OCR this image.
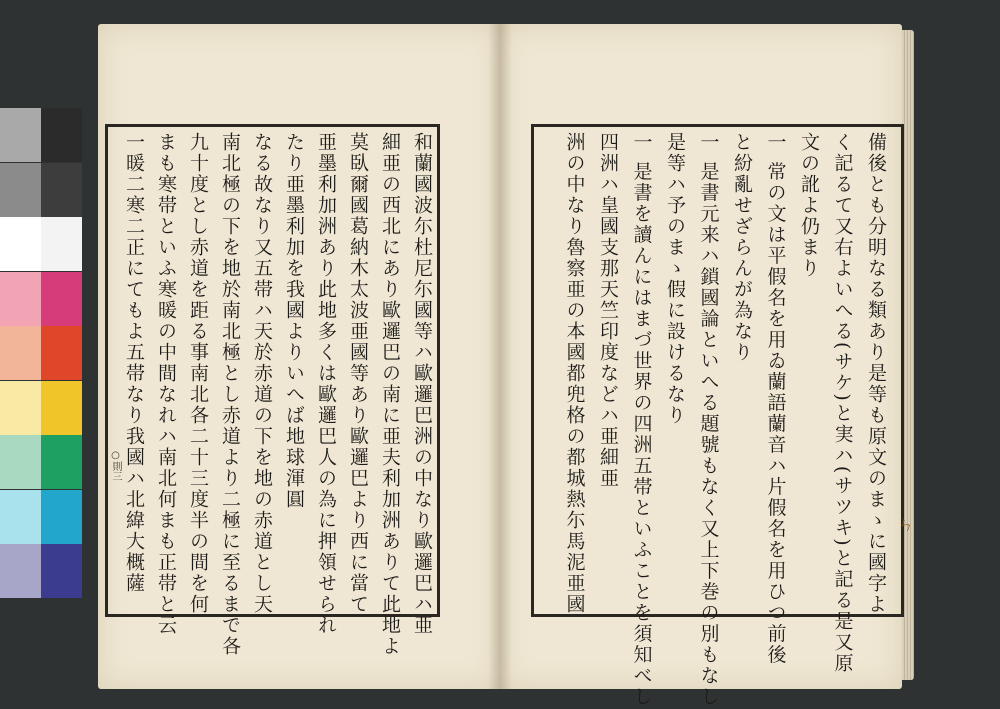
和蘭國波尓杜尼尓國等ハ歐邏巴洲の中なり歐邏巴ハ亜
細亜の西北にあり歐邏巴の南に亜夫利加洲ありて此地よ
莫臥爾國葛納木太波亜國等あり歐邏巴より西に當て
亜墨利加洲あり此地多くは歐邏巴人の為に押領せられ
たり亜墨利加を我國よりいへば地球渾圓
なる故なり又五帯ハ天於赤道の下を地の赤道とし天
南北極の下を地於南北極とし赤道より二極に至るまで各
九十度とし赤道を距る事南北各二十三度半の間を何
まも寒帯といふ寒暖の中間なれハ南北何まも正帯と云
一暖二寒二正にてもよ五帯なり我國ハ北緯大概薩	備後とも分明なる類あり是等も原文のまゝに國字よ
く記るて又右よいへる(サケ)と実ハ(サツキ)と記る是又原
文の訛よ仍まり
一 常の文は平假名を用ゐ蘭語蘭音ハ片假名を用ひつ前後
と紛亂せざらんが為なり
一 是書元来ハ鎖國論といへる題號もなく又上下巻の別もなし
是等ハ予のまゝ假に設けるなり
一 是書を讀んにはまづ世界の四洲五帯といふことを須知べし
四洲ハ皇國支那天竺印度などハ亜細亜
洲の中なり魯察亜の本國都兜格の都城熱尓馬泥亜國
○則三
ㄣ
